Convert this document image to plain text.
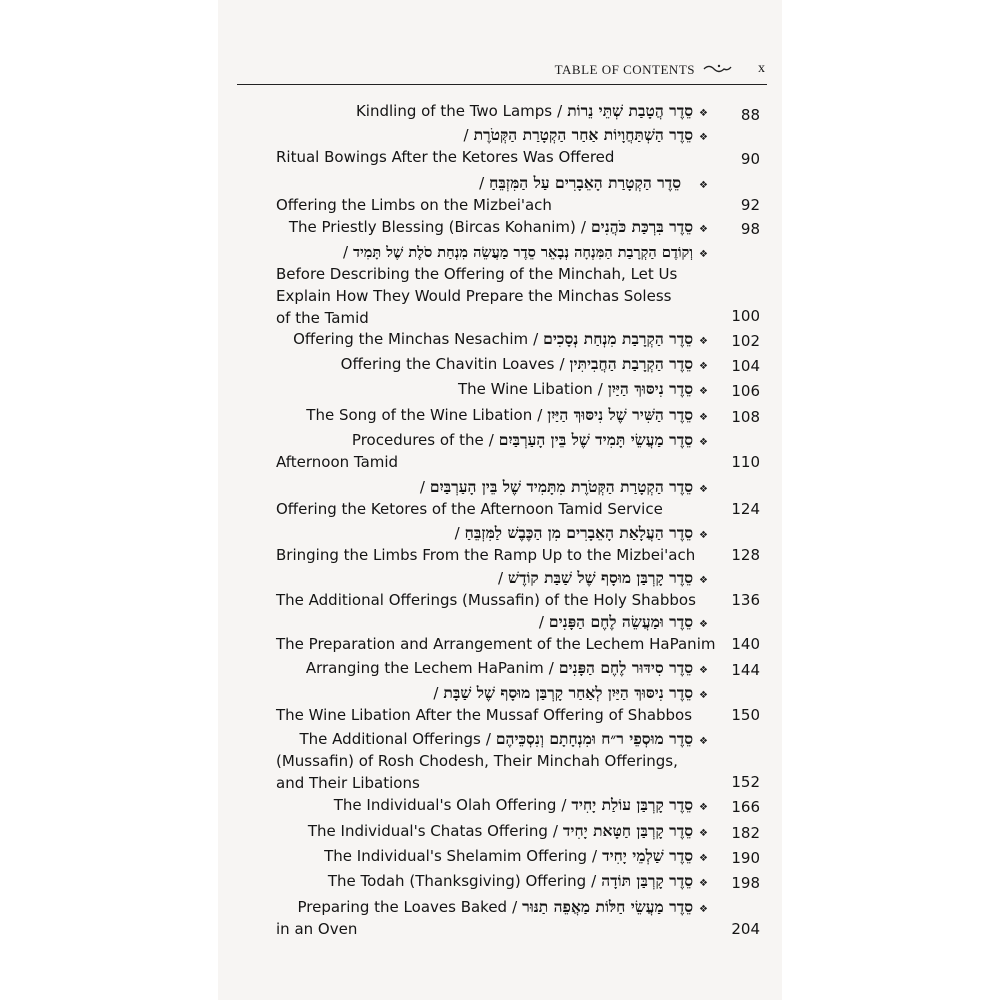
TABLE OF CONTENTS	x
Kindling of the Two Lamps / סֵדֶר הֲטָבַת שְׁתֵּי נֵרוֹת ❖	88
/ סֵדֶר הַשְׁתַּחֲוָיוֹת אַחַר הַקְטָרַת הַקְּטֹרֶת ❖
Ritual Bowings After the Ketores Was Offered	90
/ סֵדֶר הַקְטָרַת הָאֵבָרִים עַל הַמִּזְבֵּחַ ❖
Offering the Limbs on the Mizbei'ach	92
The Priestly Blessing (Bircas Kohanim) / סֵדֶר בִּרְכַּת כֹּהֲנִים ❖	98
/ וְקוֹדֶם הַקְרָבַת הַמִּנְחָה נְבָאֵר סֵדֶר מַעֲשֵׂה מִנְחַת סֹלֶת שֶׁל תָּמִיד ❖
Before Describing the Offering of the Minchah, Let Us
Explain How They Would Prepare the Minchas Soless
of the Tamid	100
Offering the Minchas Nesachim / סֵדֶר הַקְרָבַת מִנְחַת נְסָכִים ❖	102
Offering the Chavitin Loaves / סֵדֶר הַקְרָבַת הַחֲבִיתִּין ❖	104
The Wine Libation / סֵדֶר נִיסּוּךְ הַיַּיִן ❖	106
The Song of the Wine Libation / סֵדֶר הַשִּׁיר שֶׁל נִיסּוּךְ הַיַּיִן ❖	108
Procedures of the / סֵדֶר מַעֲשֵׂי תָּמִיד שֶׁל בֵּין הָעַרְבַּיִם ❖
Afternoon Tamid	110
/ סֵדֶר הַקְטָרַת הַקְּטֹרֶת מִתָּמִיד שֶׁל בֵּין הָעַרְבַּיִם ❖
Offering the Ketores of the Afternoon Tamid Service	124
/ סֵדֶר הַעֲלָאַת הָאֵבָרִים מִן הַכֶּבֶשׁ לַמִּזְבֵּחַ ❖
Bringing the Limbs From the Ramp Up to the Mizbei'ach	128
/ סֵדֶר קָרְבַּן מוּסָף שֶׁל שַׁבַּת קוֹדֶשׁ ❖
The Additional Offerings (Mussafin) of the Holy Shabbos	136
/ סֵדֶר וּמַעֲשֵׂה לֶחֶם הַפָּנִים ❖
The Preparation and Arrangement of the Lechem HaPanim	140
Arranging the Lechem HaPanim / סֵדֶר סִידּוּר לֶחֶם הַפָּנִים ❖	144
/ סֵדֶר נִיסּוּךְ הַיַּיִן לְאַחַר קָרְבַּן מוּסָף שֶׁל שַׁבָּת ❖
The Wine Libation After the Mussaf Offering of Shabbos	150
The Additional Offerings / סֵדֶר מוּסְפֵי ר״ח וּמִנְחָתָם וְנִסְכֵּיהֶם ❖
(Mussafin) of Rosh Chodesh, Their Minchah Offerings,
and Their Libations	152
The Individual's Olah Offering / סֵדֶר קָרְבַּן עוֹלַת יָחִיד ❖	166
The Individual's Chatas Offering / סֵדֶר קָרְבַּן חַטָּאת יָחִיד ❖	182
The Individual's Shelamim Offering / סֵדֶר שַׁלְמֵי יָחִיד ❖	190
The Todah (Thanksgiving) Offering / סֵדֶר קָרְבַּן תּוֹדָה ❖	198
Preparing the Loaves Baked / סֵדֶר מַעֲשֵׂי חַלּוֹת מַאֲפֵה תַנּוּר ❖
in an Oven	204
